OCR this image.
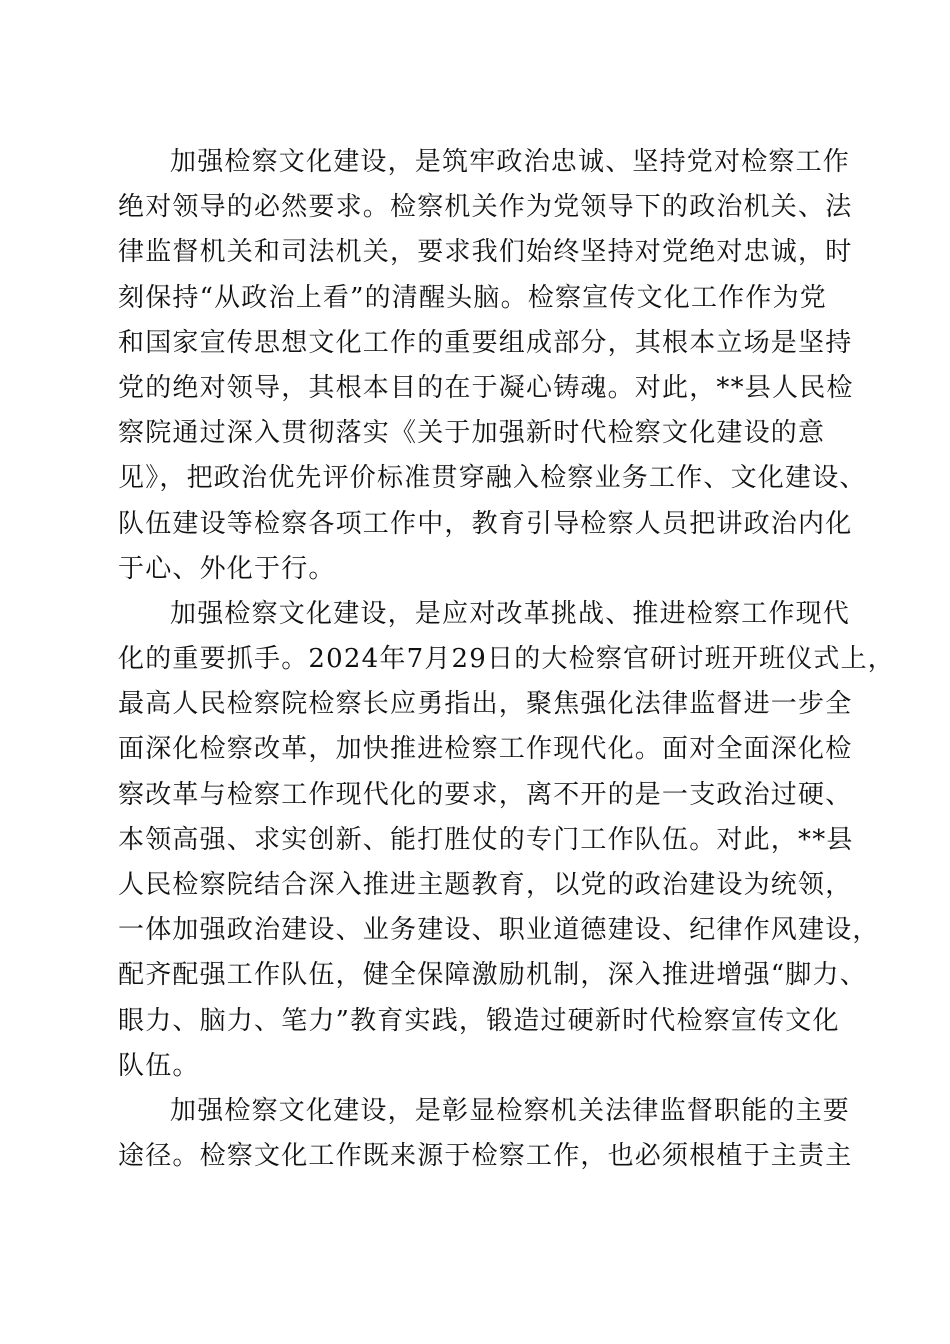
加强检察文化建设，是筑牢政治忠诚、坚持党对检察工作
绝对领导的必然要求。检察机关作为党领导下的政治机关、法
律监督机关和司法机关，要求我们始终坚持对党绝对忠诚，时
刻保持“从政治上看”的清醒头脑。检察宣传文化工作作为党
和国家宣传思想文化工作的重要组成部分，其根本立场是坚持
党的绝对领导，其根本目的在于凝心铸魂。对此，**县人民检
察院通过深入贯彻落实《关于加强新时代检察文化建设的意
见》，把政治优先评价标准贯穿融入检察业务工作、文化建设、
队伍建设等检察各项工作中，教育引导检察人员把讲政治内化
于心、外化于行。
加强检察文化建设，是应对改革挑战、推进检察工作现代
化的重要抓手。2024年7月29日的大检察官研讨班开班仪式上，
最高人民检察院检察长应勇指出，聚焦强化法律监督进一步全
面深化检察改革，加快推进检察工作现代化。面对全面深化检
察改革与检察工作现代化的要求，离不开的是一支政治过硬、
本领高强、求实创新、能打胜仗的专门工作队伍。对此，**县
人民检察院结合深入推进主题教育，以党的政治建设为统领，
一体加强政治建设、业务建设、职业道德建设、纪律作风建设，
配齐配强工作队伍，健全保障激励机制，深入推进增强“脚力、
眼力、脑力、笔力”教育实践，锻造过硬新时代检察宣传文化
队伍。
加强检察文化建设，是彰显检察机关法律监督职能的主要
途径。检察文化工作既来源于检察工作，也必须根植于主责主
